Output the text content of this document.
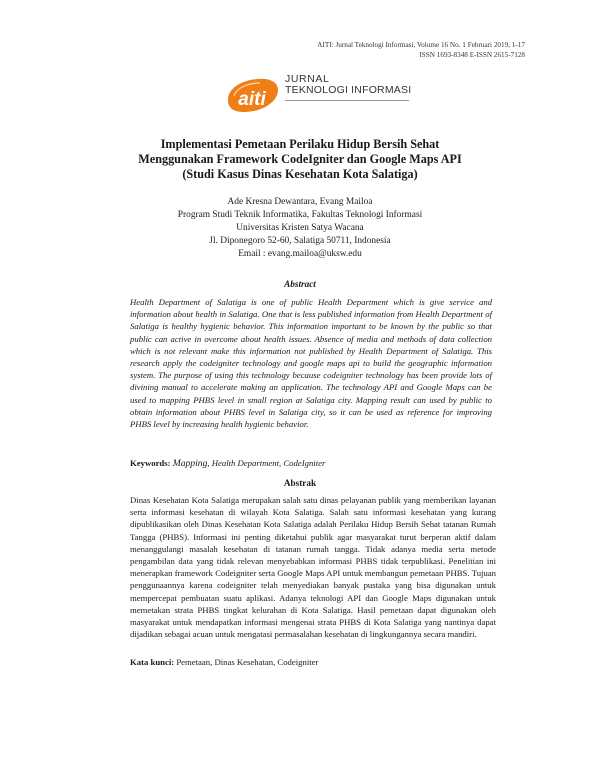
AITI: Jurnal Teknologi Informasi, Volume 16 No. 1 Februari 2019, 1-17
ISSN 1693-8348 E-ISSN 2615-7128
aiti
JURNAL
TEKNOLOGI INFORMASI
Implementasi Pemetaan Perilaku Hidup Bersih Sehat
Menggunakan Framework CodeIgniter dan Google Maps API
(Studi Kasus Dinas Kesehatan Kota Salatiga)
Ade Kresna Dewantara, Evang Mailoa
Program Studi Teknik Informatika, Fakultas Teknologi Informasi
Universitas Kristen Satya Wacana
Jl. Diponegoro 52-60, Salatiga 50711, Indonesia
Email : evang.mailoa@uksw.edu
Abstract
Health Department of Salatiga is one of public Health Department which is give service and information about health in Salatiga. One that is less published information from Health Department of Salatiga is healthy hygienic behavior. This information important to be known by the public so that public can active in overcome about health issues. Absence of media and methods of data collection which is not relevant make this information not published by Health Department of Salatiga. This research apply the codeigniter technology and google maps api to build the geographic information system. The purpose of using this technology because codeigniter technology has been provide lots of divining manual to accelerate making an application. The technology API and Google Maps can be used to mapping PHBS level in small region at Salatiga city. Mapping result can used by public to obtain information about PHBS level in Salatiga city, so it can be used as reference for improving PHBS level by increasing health hygienic behavior.
Keywords: Mapping, Health Department, CodeIgniter
Abstrak
Dinas Kesehatan Kota Salatiga merupakan salah satu dinas pelayanan publik yang memberikan layanan serta informasi kesehatan di wilayah Kota Salatiga. Salah satu informasi kesehatan yang kurang dipublikasikan oleh Dinas Kesehatan Kota Salatiga adalah Perilaku Hidup Bersih Sehat tatanan Rumah Tangga (PHBS). Informasi ini penting diketahui publik agar masyarakat turut berperan aktif dalam menanggulangi masalah kesehatan di tatanan rumah tangga. Tidak adanya media serta metode pengambilan data yang tidak relevan menyebabkan informasi PHBS tidak terpublikasi. Penelitian ini menerapkan framework Codeigniter serta Google Maps API untuk membangun pemetaan PHBS. Tujuan penggunaannya karena codeigniter telah menyediakan banyak pustaka yang bisa digunakan untuk mempercepat pembuatan suatu aplikasi. Adanya teknologi API dan Google Maps digunakan untuk memetakan strata PHBS tingkat kelurahan di Kota Salatiga. Hasil pemetaan dapat digunakan oleh masyarakat untuk mendapatkan informasi mengenai strata PHBS di Kota Salatiga yang nantinya dapat dijadikan sebagai acuan untuk mengatasi permasalahan kesehatan di lingkungannya secara mandiri.
Kata kunci: Pemetaan, Dinas Kesehatan, Codeigniter
